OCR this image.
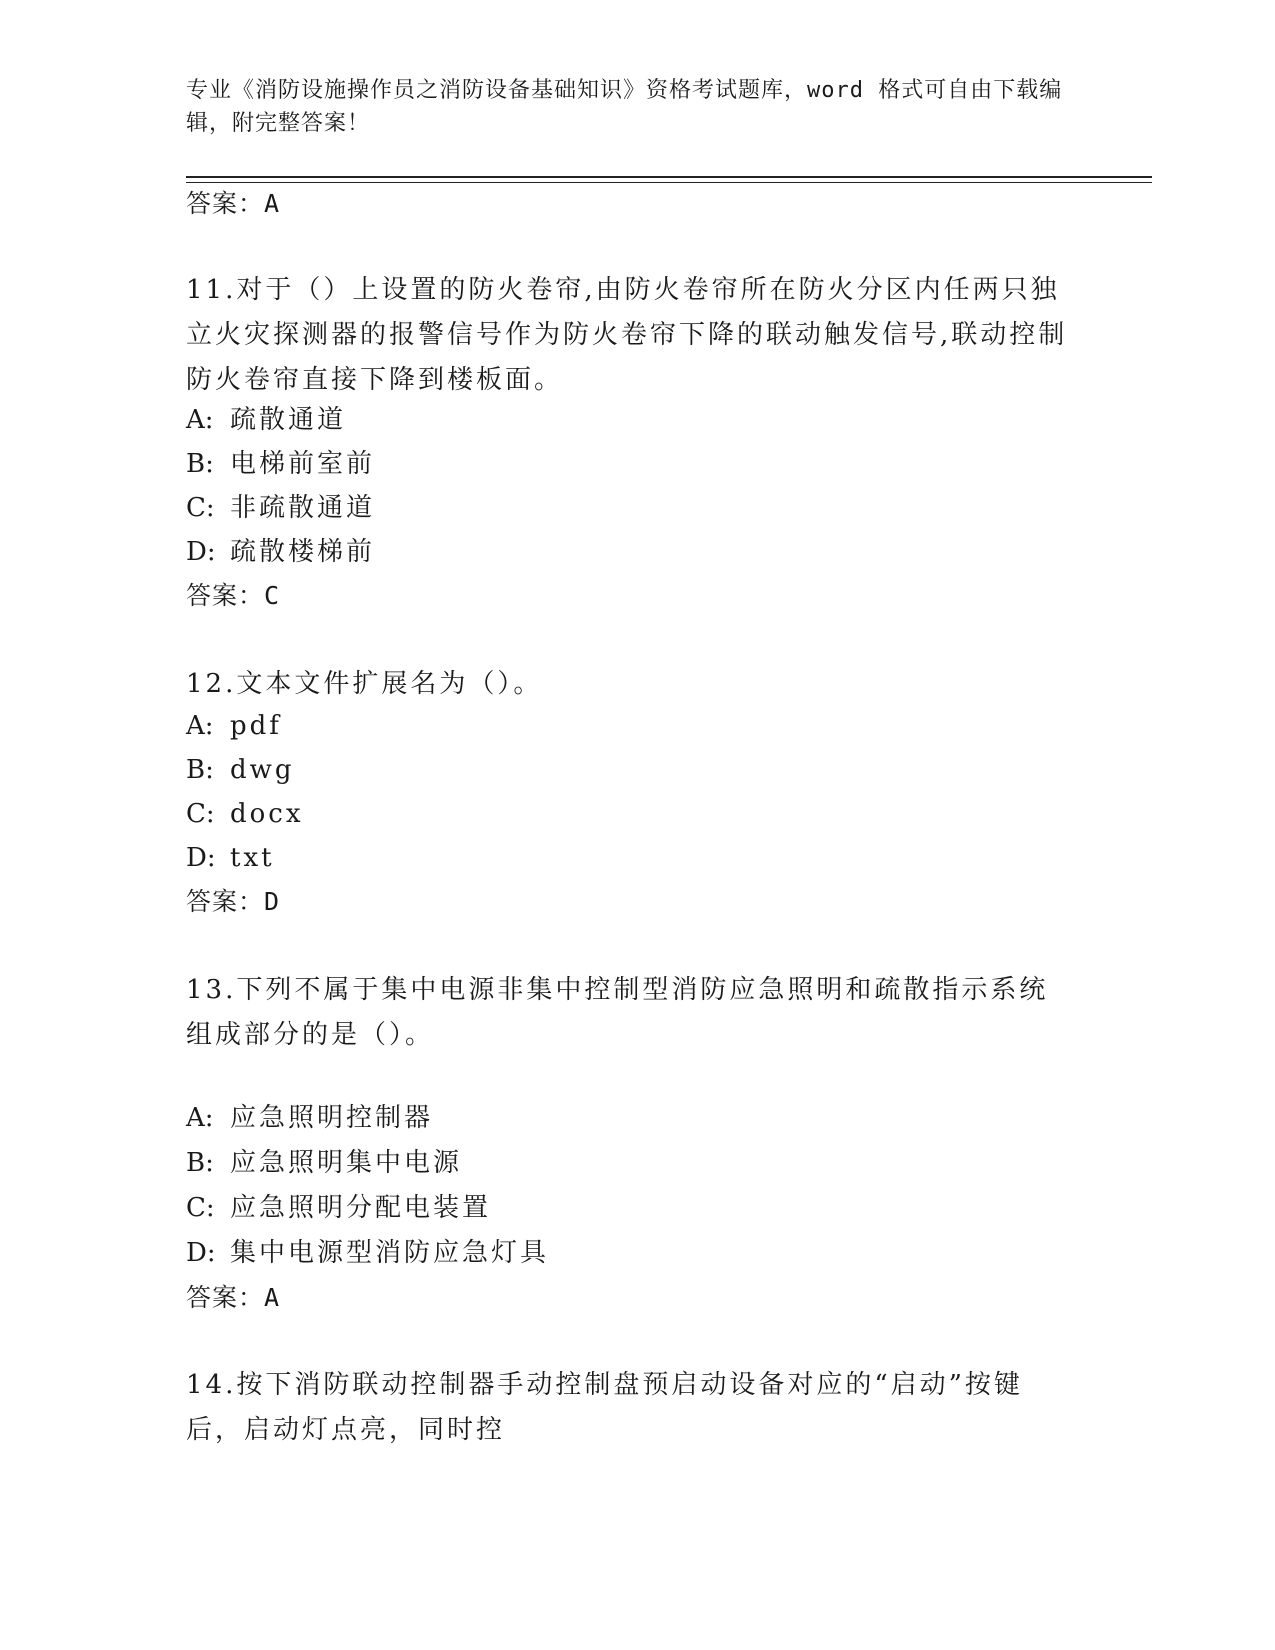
专业《消防设施操作员之消防设备基础知识》资格考试题库，word 格式可自由下载编辑，附完整答案！
答案：A

11.对于（）上设置的防火卷帘,由防火卷帘所在防火分区内任两只独立火灾探测器的报警信号作为防火卷帘下降的联动触发信号,联动控制防火卷帘直接下降到楼板面。

A: 疏散通道
B: 电梯前室前
C: 非疏散通道
D: 疏散楼梯前
答案：C

12.文本文件扩展名为（）。

A: pdf
B: dwg
C: docx
D: txt
答案：D

13.下列不属于集中电源非集中控制型消防应急照明和疏散指示系统组成部分的是（）。

A: 应急照明控制器
B: 应急照明集中电源
C: 应急照明分配电装置
D: 集中电源型消防应急灯具
答案：A

14.按下消防联动控制器手动控制盘预启动设备对应的“启动”按键后，启动灯点亮，同时控
